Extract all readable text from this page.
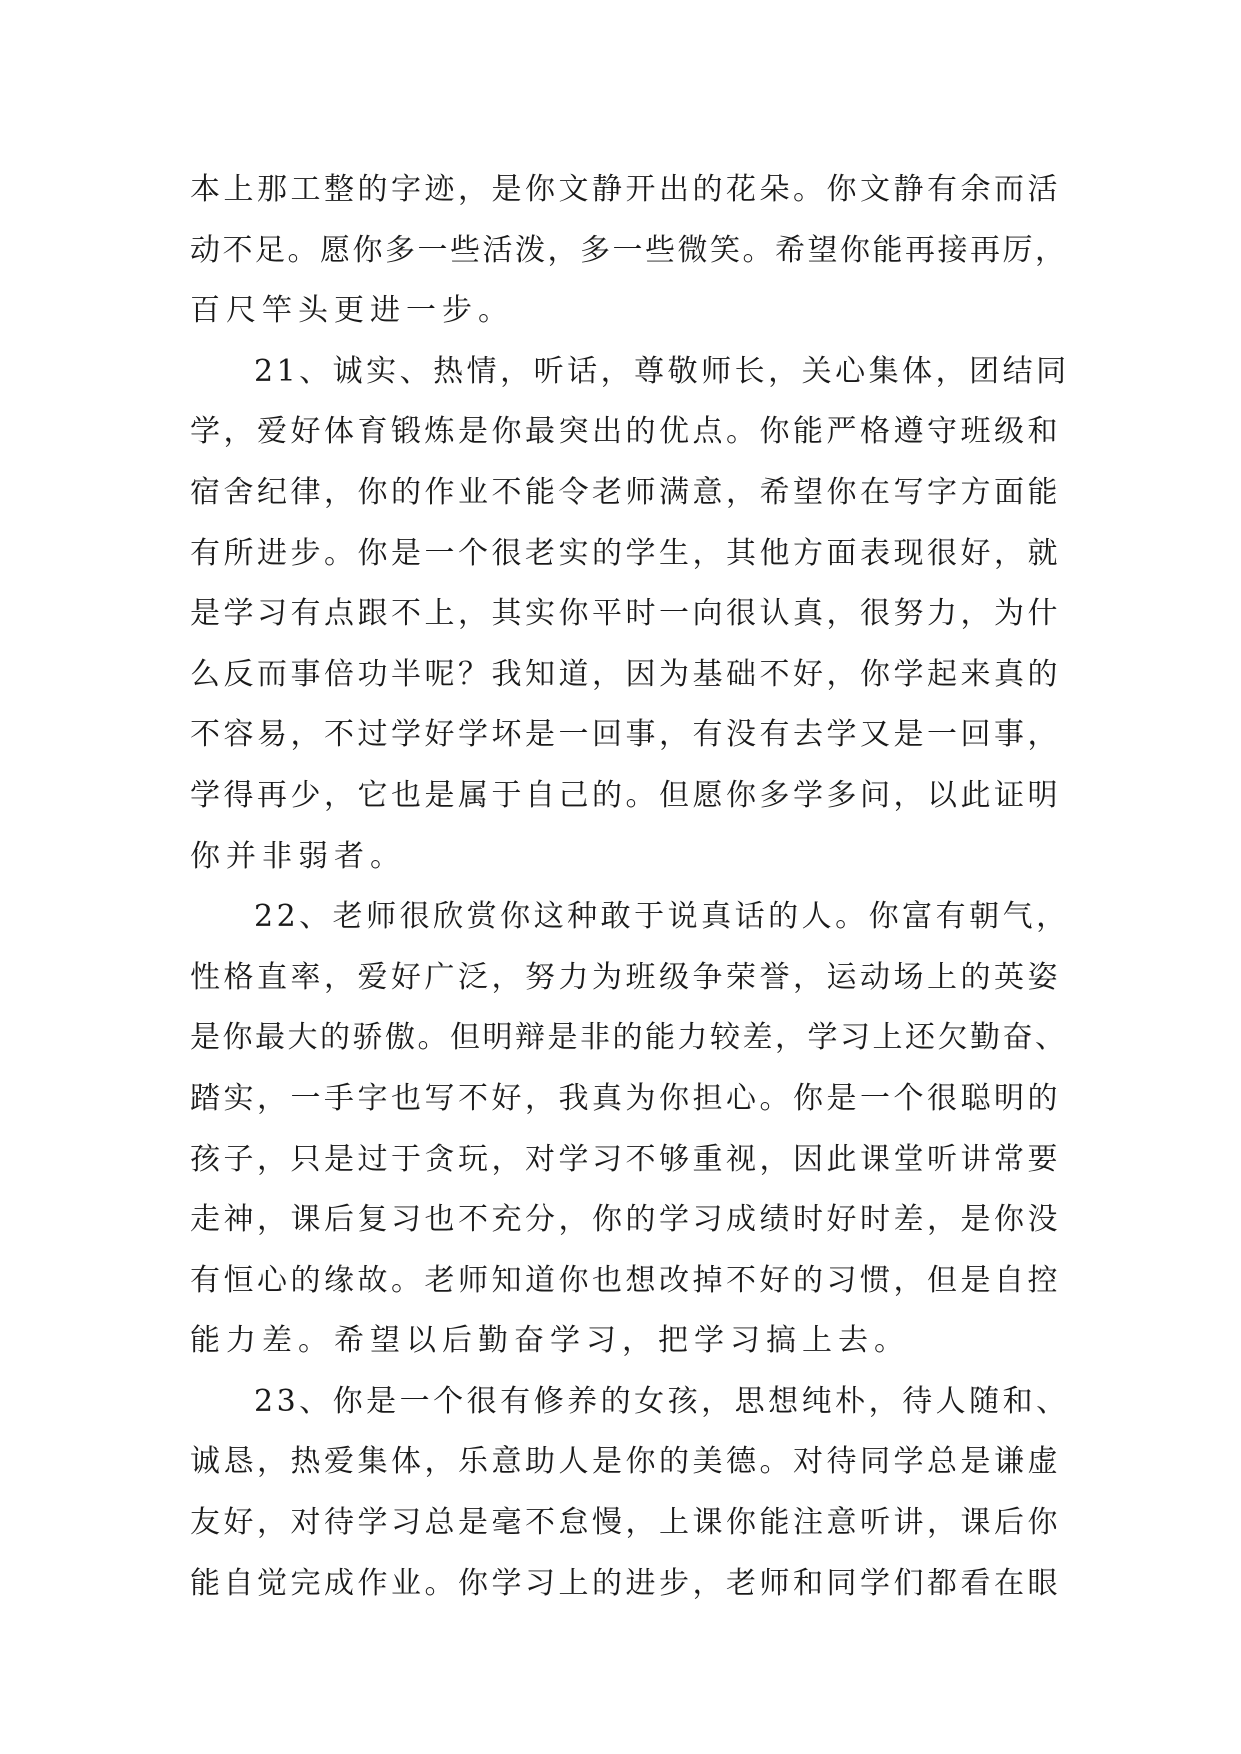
本上那工整的字迹，是你文静开出的花朵。你文静有余而活
动不足。愿你多一些活泼，多一些微笑。希望你能再接再厉，
百尺竿头更进一步。
21、诚实、热情，听话，尊敬师长，关心集体，团结同
学，爱好体育锻炼是你最突出的优点。你能严格遵守班级和
宿舍纪律，你的作业不能令老师满意，希望你在写字方面能
有所进步。你是一个很老实的学生，其他方面表现很好，就
是学习有点跟不上，其实你平时一向很认真，很努力，为什
么反而事倍功半呢？我知道，因为基础不好，你学起来真的
不容易，不过学好学坏是一回事，有没有去学又是一回事，
学得再少，它也是属于自己的。但愿你多学多问，以此证明
你并非弱者。
22、老师很欣赏你这种敢于说真话的人。你富有朝气，
性格直率，爱好广泛，努力为班级争荣誉，运动场上的英姿
是你最大的骄傲。但明辩是非的能力较差，学习上还欠勤奋、
踏实，一手字也写不好，我真为你担心。你是一个很聪明的
孩子，只是过于贪玩，对学习不够重视，因此课堂听讲常要
走神，课后复习也不充分，你的学习成绩时好时差，是你没
有恒心的缘故。老师知道你也想改掉不好的习惯，但是自控
能力差。希望以后勤奋学习，把学习搞上去。
23、你是一个很有修养的女孩，思想纯朴，待人随和、
诚恳，热爱集体，乐意助人是你的美德。对待同学总是谦虚
友好，对待学习总是毫不怠慢，上课你能注意听讲，课后你
能自觉完成作业。你学习上的进步，老师和同学们都看在眼
